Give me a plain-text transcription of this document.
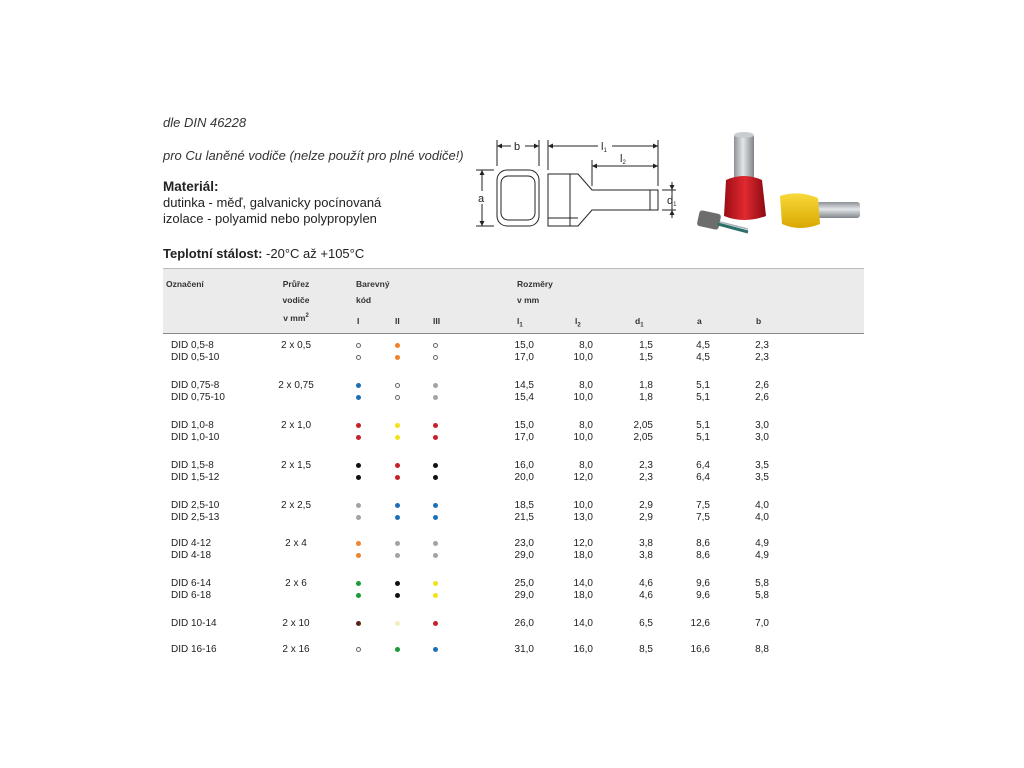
dle DIN 46228
pro Cu laněné vodiče (nelze použít pro plné vodiče!)
Materiál:
dutinka - měď, galvanicky pocínovaná
izolace - polyamid nebo polypropylen
Teplotní stálost: -20°C až +105°C
b
a
l1
l2
d1
Označení	Průřez
vodiče
v $mm^2$
Barevný
kód
I	II	III
Rozměry
v mm
$l_1$	$l_2$	$d_1$	a	b
DID 0,5-8	2 x 0,5	15,0	8,0	1,5	4,5	2,3
DID 0,5-10	17,0	10,0	1,5	4,5	2,3
DID 0,75-8	2 x 0,75	14,5	8,0	1,8	5,1	2,6
DID 0,75-10	15,4	10,0	1,8	5,1	2,6
DID 1,0-8	2 x 1,0	15,0	8,0	2,05	5,1	3,0
DID 1,0-10	17,0	10,0	2,05	5,1	3,0
DID 1,5-8	2 x 1,5	16,0	8,0	2,3	6,4	3,5
DID 1,5-12	20,0	12,0	2,3	6,4	3,5
DID 2,5-10	2 x 2,5	18,5	10,0	2,9	7,5	4,0
DID 2,5-13	21,5	13,0	2,9	7,5	4,0
DID 4-12	2 x 4	23,0	12,0	3,8	8,6	4,9
DID 4-18	29,0	18,0	3,8	8,6	4,9
DID 6-14	2 x 6	25,0	14,0	4,6	9,6	5,8
DID 6-18	29,0	18,0	4,6	9,6	5,8
DID 10-14	2 x 10	26,0	14,0	6,5	12,6	7,0
DID 16-16	2 x 16	31,0	16,0	8,5	16,6	8,8
